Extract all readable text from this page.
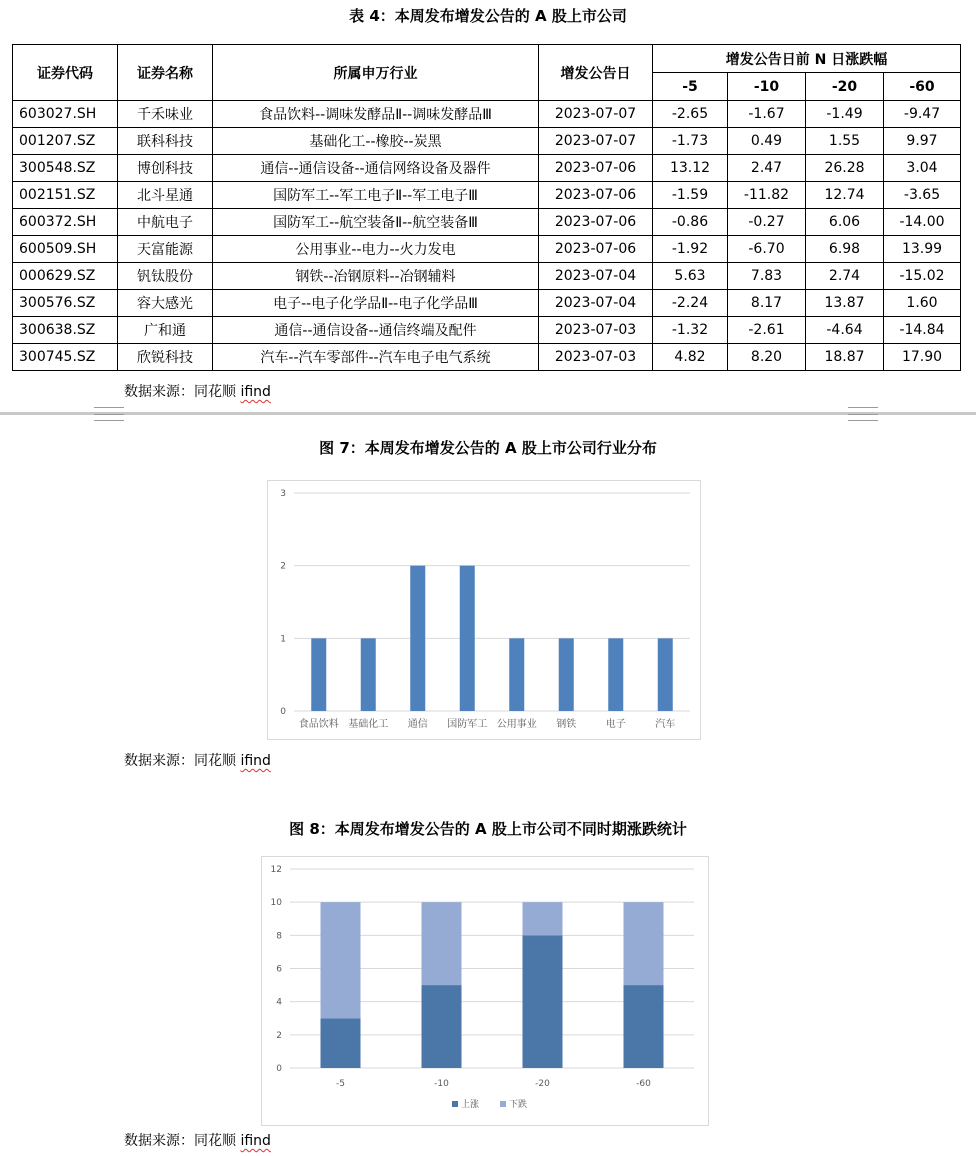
表 4：本周发布增发公告的 A 股上市公司
证券代码	证券名称	所属申万行业	增发公告日	增发公告日前 N 日涨跌幅			
				-5	-10	-20	-60
603027.SH	千禾味业	食品饮料--调味发酵品Ⅱ--调味发酵品Ⅲ	2023-07-07	-2.65	-1.67	-1.49	-9.47
001207.SZ	联科科技	基础化工--橡胶--炭黑	2023-07-07	-1.73	0.49	1.55	9.97
300548.SZ	博创科技	通信--通信设备--通信网络设备及器件	2023-07-06	13.12	2.47	26.28	3.04
002151.SZ	北斗星通	国防军工--军工电子Ⅱ--军工电子Ⅲ	2023-07-06	-1.59	-11.82	12.74	-3.65
600372.SH	中航电子	国防军工--航空装备Ⅱ--航空装备Ⅲ	2023-07-06	-0.86	-0.27	6.06	-14.00
600509.SH	天富能源	公用事业--电力--火力发电	2023-07-06	-1.92	-6.70	6.98	13.99
000629.SZ	钒钛股份	钢铁--冶钢原料--冶钢辅料	2023-07-04	5.63	7.83	2.74	-15.02
300576.SZ	容大感光	电子--电子化学品Ⅱ--电子化学品Ⅲ	2023-07-04	-2.24	8.17	13.87	1.60
300638.SZ	广和通	通信--通信设备--通信终端及配件	2023-07-03	-1.32	-2.61	-4.64	-14.84
300745.SZ	欣锐科技	汽车--汽车零部件--汽车电子电气系统	2023-07-03	4.82	8.20	18.87	17.90
数据来源：同花顺 ifind
图 7：本周发布增发公告的 A 股上市公司行业分布
0
1
2
3
食品饮料 基础化工 通信 国防军工 公用事业 钢铁	电子	汽车
数据来源：同花顺 ifind
图 8：本周发布增发公告的 A 股上市公司不同时期涨跌统计
0
2
4
6
8
10
12
-5	-10	-20	-60
上涨	下跌
数据来源：同花顺 ifind
